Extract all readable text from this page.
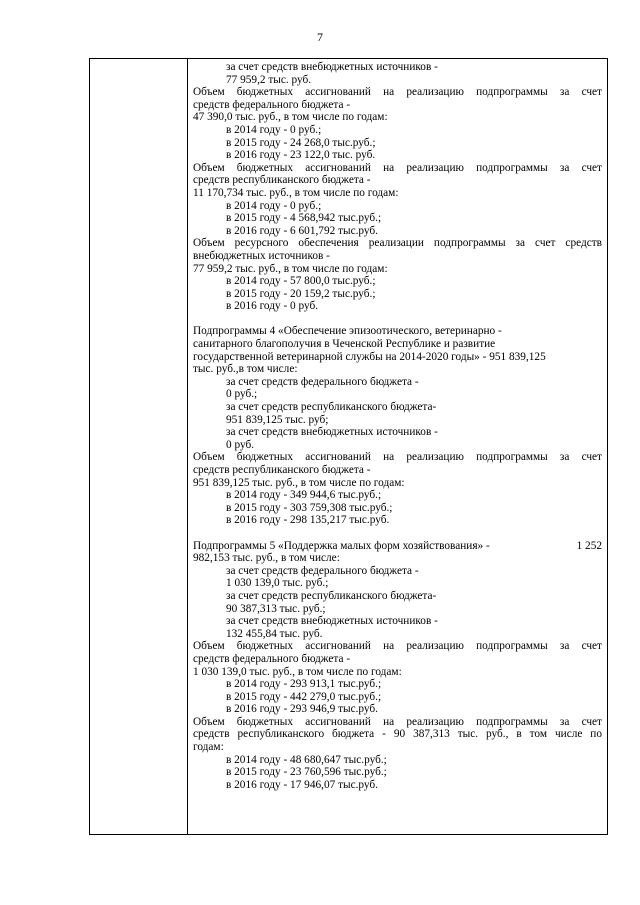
7
за счет средств внебюджетных источников -
77 959,2 тыс. руб.
Объем бюджетных ассигнований на реализацию подпрограммы за счет
средств федерального бюджета -
47 390,0 тыс. руб., в том числе по годам:
в 2014 году - 0 руб.;
в 2015 году - 24 268,0 тыс.руб.;
в 2016 году - 23 122,0 тыс. руб.
Объем бюджетных ассигнований на реализацию подпрограммы за счет
средств республиканского бюджета -
11 170,734 тыс. руб., в том числе по годам:
в 2014 году - 0 руб.;
в 2015 году - 4 568,942 тыс.руб.;
в 2016 году - 6 601,792 тыс.руб.
Объем ресурсного обеспечения реализации подпрограммы за счет средств
внебюджетных источников -
77 959,2 тыс. руб., в том числе по годам:
в 2014 году - 57 800,0 тыс.руб.;
в 2015 году - 20 159,2 тыс.руб.;
в 2016 году - 0 руб.
Подпрограммы 4 «Обеспечение эпизоотического, ветеринарно -
санитарного благополучия в Чеченской Республике и развитие
государственной ветеринарной службы на 2014-2020 годы» - 951 839,125
тыс. руб.,в том числе:
за счет средств федерального бюджета -
0 руб.;
за счет средств республиканского бюджета-
951 839,125 тыс. руб;
за счет средств внебюджетных источников -
0 руб.
Объем бюджетных ассигнований на реализацию подпрограммы за счет
средств республиканского бюджета -
951 839,125 тыс. руб., в том числе по годам:
в 2014 году - 349 944,6 тыс.руб.;
в 2015 году - 303 759,308 тыс.руб.;
в 2016 году - 298 135,217 тыс.руб.
Подпрограммы 5 «Поддержка малых форм хозяйствования» -	1 252
982,153 тыс. руб., в том числе:
за счет средств федерального бюджета -
1 030 139,0 тыс. руб.;
за счет средств республиканского бюджета-
90 387,313 тыс. руб.;
за счет средств внебюджетных источников -
132 455,84 тыс. руб.
Объем бюджетных ассигнований на реализацию подпрограммы за счет
средств федерального бюджета -
1 030 139,0 тыс. руб., в том числе по годам:
в 2014 году - 293 913,1 тыс.руб.;
в 2015 году - 442 279,0 тыс.руб.;
в 2016 году - 293 946,9 тыс.руб.
Объем бюджетных ассигнований на реализацию подпрограммы за счет
средств республиканского бюджета - 90 387,313 тыс. руб., в том числе по
годам:
в 2014 году - 48 680,647 тыс.руб.;
в 2015 году - 23 760,596 тыс.руб.;
в 2016 году - 17 946,07 тыс.руб.
